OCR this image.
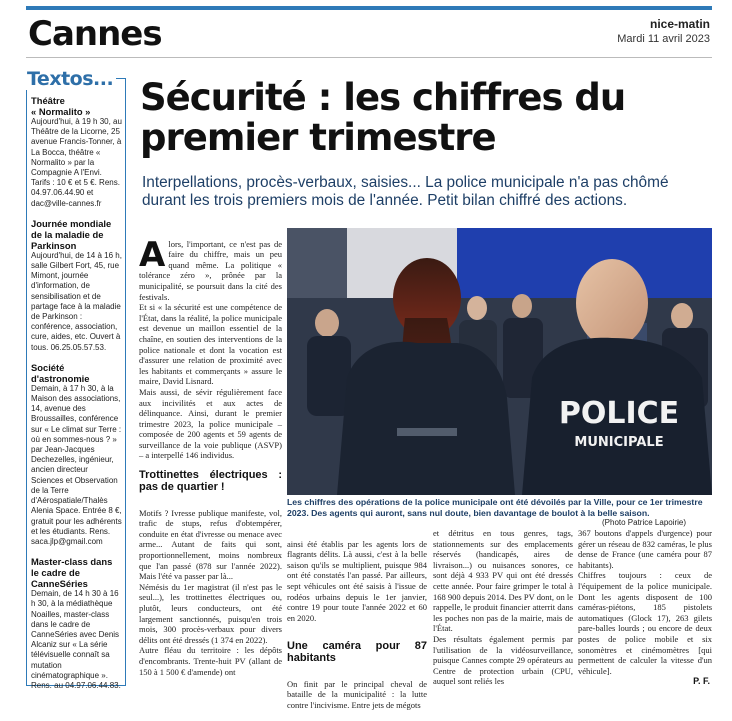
Cannes	nice-matin
Mardi 11 avril 2023
Théâtre
« Normalito »
Aujourd'hui, à 19 h 30, au Théâtre de la Licorne, 25 avenue Francis-Tonner, à La Bocca, théâtre « Normalito » par la Compagnie A l'Envi. Tarifs : 10 € et 5 €. Rens. 04.97.06.44.90 et dac@ville-cannes.fr
Journée mondiale de la maladie de Parkinson
Aujourd'hui, de 14 à 16 h, salle Gilbert Fort, 45, rue Mimont, journée d'information, de sensibilisation et de partage face à la maladie de Parkinson : conférence, association, cure, aides, etc. Ouvert à tous. 06.25.05.57.53.
Société d'astronomie
Demain, à 17 h 30, à la Maison des associations, 14, avenue des Broussailles, conférence sur « Le climat sur Terre : où en sommes-nous ? » par Jean-Jacques Dechezelles, ingénieur, ancien directeur Sciences et Observation de la Terre d'Aérospatiale/Thalès Alenia Space. Entrée 8 €, gratuit pour les adhérents et les étudiants. Rens. saca.jlp@gmail.com
Master-class dans le cadre de CanneSéries
Demain, de 14 h 30 à 16 h 30, à la médiathèque Noailles, master-class dans le cadre de CanneSéries avec Denis Alcaniz sur « La série télévisuelle connaît sa mutation cinématographique ». Rens. au 04.97.06.44.83.
Textos... Sécurité : les chiffres du premier trimestre

Interpellations, procès-verbaux, saisies... La police municipale n'a pas chômé durant les trois premiers mois de l'année. Petit bilan chiffré des actions.

Alors, l'important, ce n'est pas de faire du chiffre, mais un peu quand même. La politique « tolérance zéro », prônée par la municipalité, se poursuit dans la cité des festivals.
Et si « la sécurité est une compétence de l'État, dans la réalité, la police municipale est devenue un maillon essentiel de la chaîne, en soutien des interventions de la police nationale et dont la vocation est d'assurer une relation de proximité avec les habitants et commerçants » assure le maire, David Lisnard.
Mais aussi, de sévir régulièrement face aux incivilités et aux actes de délinquance. Ainsi, durant le premier trimestre 2023, la police municipale – composée de 200 agents et 59 agents de surveillance de la voie publique (ASVP) – a interpellé 146 individus.

Trottinettes électriques : pas de quartier !

Motifs ? Ivresse publique manifeste, vol, trafic de stups, refus d'obtempérer, conduite en état d'ivresse ou menace avec arme... Autant de faits qui sont, proportionnellement, moins nombreux que l'an passé (878 sur l'année 2022). Mais l'été va passer par là...
Némésis du 1er magistrat (il n'est pas le seul...), les trottinettes électriques ou, plutôt, leurs conducteurs, ont été largement sanctionnés, puisqu'en trois mois, 300 procès-verbaux pour divers délits ont été dressés (1 374 en 2022).
Autre fléau du territoire : les dépôts d'encombrants. Trente-huit PV (allant de 150 à 1 500 € d'amende) ont

POLICE
MUNICIPALE
Les chiffres des opérations de la police municipale ont été dévoilés par la Ville, pour ce 1er trimestre 2023. Des agents qui auront, sans nul doute, bien davantage de boulot à la belle saison.
(Photo Patrice Lapoirie)

ainsi été établis par les agents lors de flagrants délits. Là aussi, c'est à la belle saison qu'ils se multiplient, puisque 984 ont été constatés l'an passé. Par ailleurs, sept véhicules ont été saisis à l'issue de rodéos urbains depuis le 1er janvier, contre 19 pour toute l'année 2022 et 60 en 2020.

Une caméra pour 87 habitants

On finit par le principal cheval de bataille de la municipalité : la lutte contre l'incivisme. Entre jets de mégots

et détritus en tous genres, tags, stationnements sur des emplacements réservés (handicapés, aires de livraison...) ou nuisances sonores, ce sont déjà 4 933 PV qui ont été dressés cette année. Pour faire grimper le total à 168 900 depuis 2014. Des PV dont, on le rappelle, le produit financier atterrit dans les poches non pas de la mairie, mais de l'État.
Des résultats également permis par l'utilisation de la vidéosurveillance, puisque Cannes compte 29 opérateurs au Centre de protection urbain (CPU, auquel sont reliés les
367 boutons d'appels d'urgence) pour gérer un réseau de 832 caméras, le plus dense de France (une caméra pour 87 habitants).
Chiffres toujours : ceux de l'équipement de la police municipale. Dont les agents disposent de 100 caméras-piétons, 185 pistolets automatiques (Glock 17), 263 gilets pare-balles lourds ; ou encore de deux postes de police mobile et six sonomètres et cinémomètres [qui permettent de calculer la vitesse d'un véhicule].
P. F.
